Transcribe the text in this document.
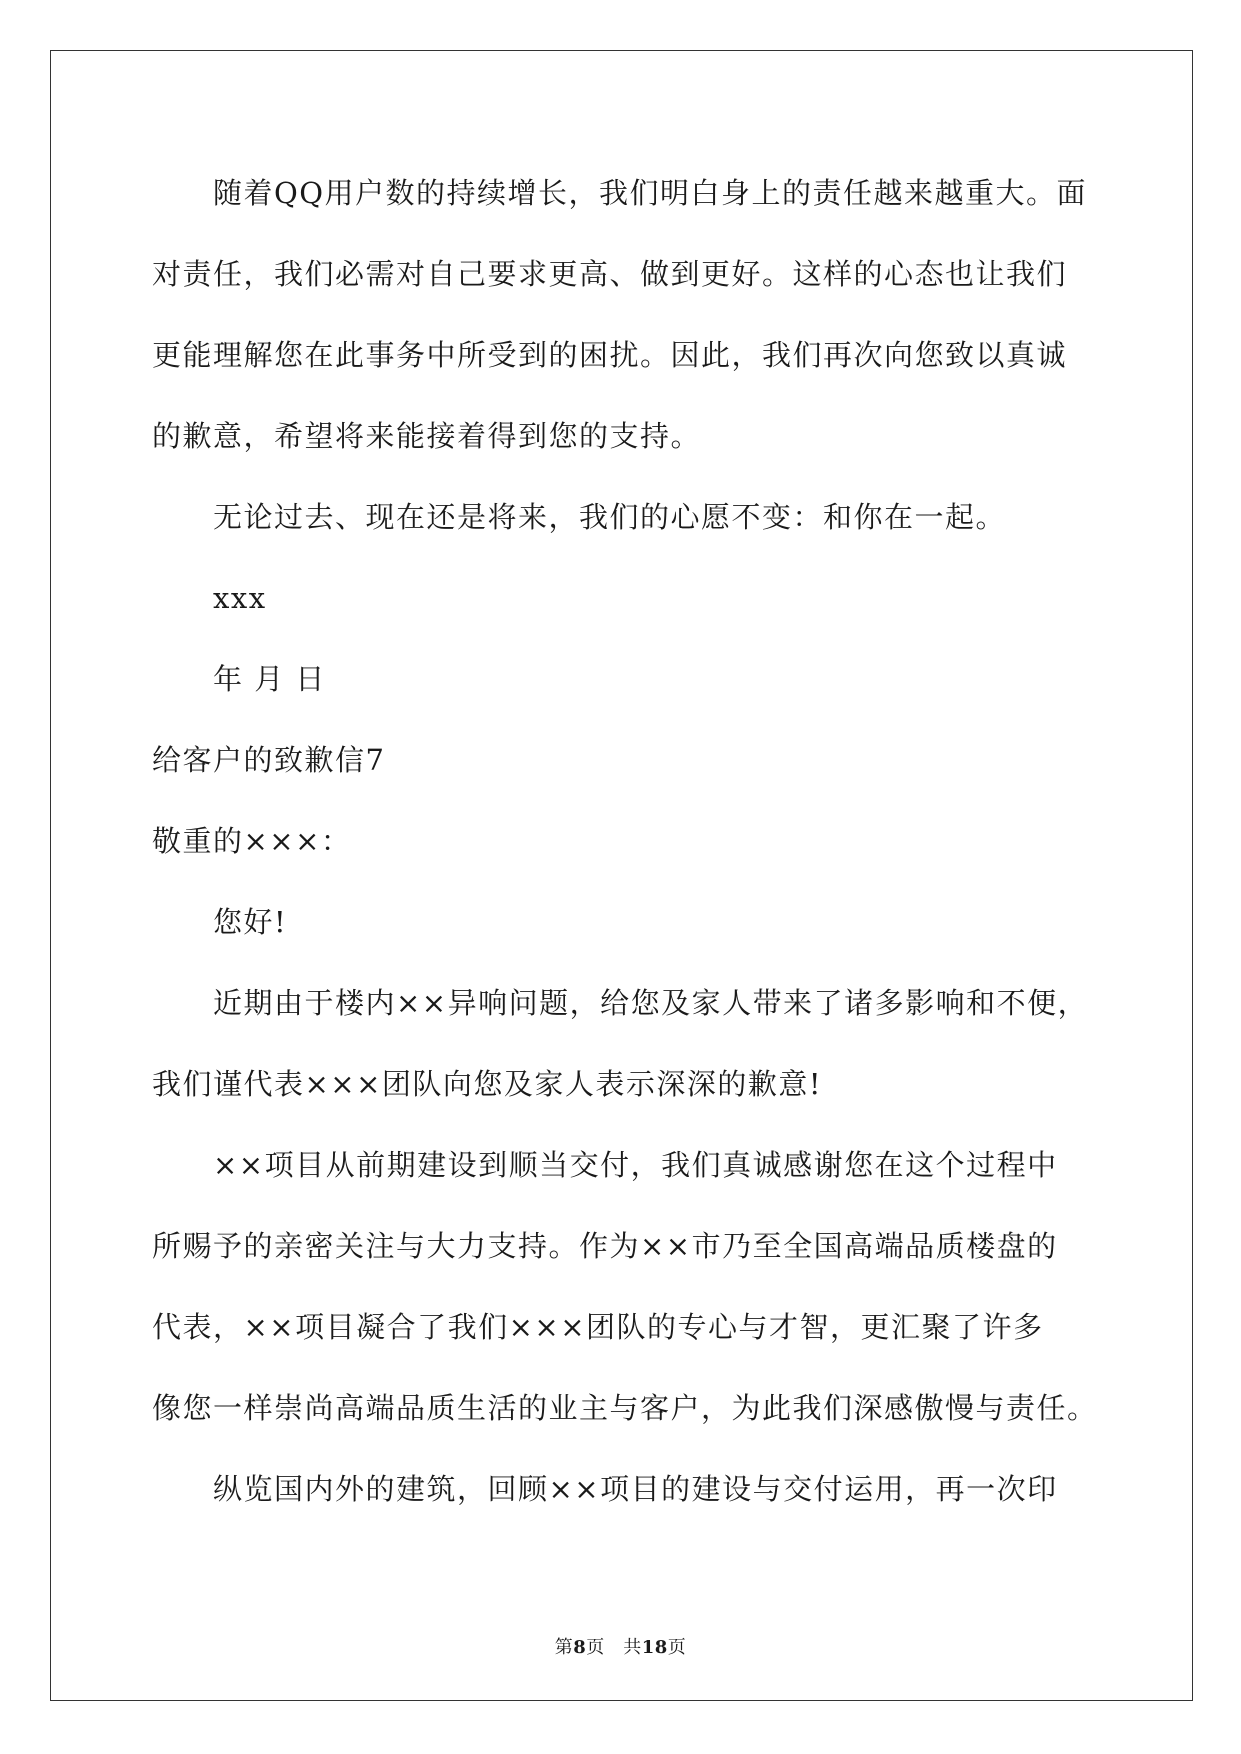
随着QQ用户数的持续增长，我们明白身上的责任越来越重大。面

对责任，我们必需对自己要求更高、做到更好。这样的心态也让我们

更能理解您在此事务中所受到的困扰。因此，我们再次向您致以真诚

的歉意，希望将来能接着得到您的支持。

无论过去、现在还是将来，我们的心愿不变：和你在一起。

xxx

年 月 日

给客户的致歉信7

敬重的×××：

您好!

近期由于楼内××异响问题，给您及家人带来了诸多影响和不便，

我们谨代表×××团队向您及家人表示深深的歉意!

××项目从前期建设到顺当交付，我们真诚感谢您在这个过程中

所赐予的亲密关注与大力支持。作为××市乃至全国高端品质楼盘的

代表，××项目凝合了我们×××团队的专心与才智，更汇聚了许多

像您一样崇尚高端品质生活的业主与客户，为此我们深感傲慢与责任。

纵览国内外的建筑，回顾××项目的建设与交付运用，再一次印

第8页　共18页
